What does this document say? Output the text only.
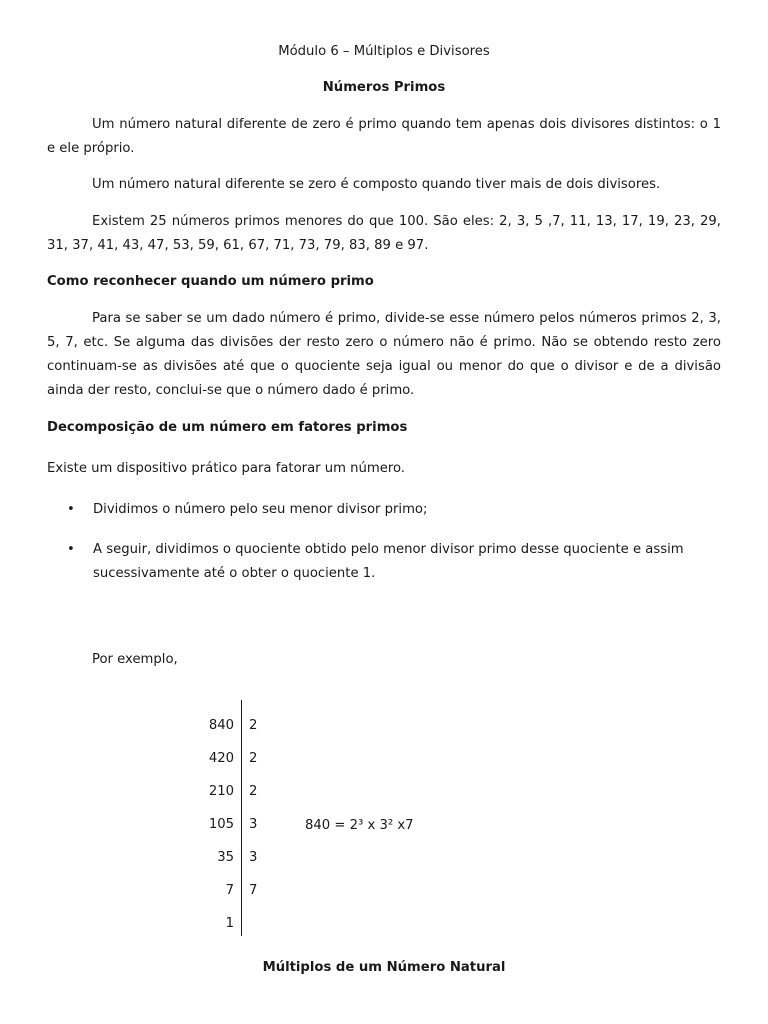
Módulo 6 – Múltiplos e Divisores
Números Primos
Um número natural diferente de zero é primo quando tem apenas dois divisores distintos: o 1 e ele próprio.
Um número natural diferente se zero é composto quando tiver mais de dois divisores.
Existem 25 números primos menores do que 100. São eles: 2, 3, 5 ,7, 11, 13, 17, 19, 23, 29, 31, 37, 41, 43, 47, 53, 59, 61, 67, 71, 73, 79, 83, 89 e 97.
Como reconhecer quando um número primo
Para se saber se um dado número é primo, divide-se esse número pelos números primos 2, 3, 5, 7, etc. Se alguma das divisões der resto zero o número não é primo. Não se obtendo resto zero continuam-se as divisões até que o quociente seja igual ou menor do que o divisor e de a divisão ainda der resto, conclui-se que o número dado é primo.
Decomposição de um número em fatores primos
Existe um dispositivo prático para fatorar um número.
• Dividimos o número pelo seu menor divisor primo;
• A seguir, dividimos o quociente obtido pelo menor divisor primo desse quociente e assim sucessivamente até o obter o quociente 1.
Por exemplo,
840 2
420 2
210 2
105 3
35 3
7 7
1
840 = 2³ x 3² x7
Múltiplos de um Número Natural
